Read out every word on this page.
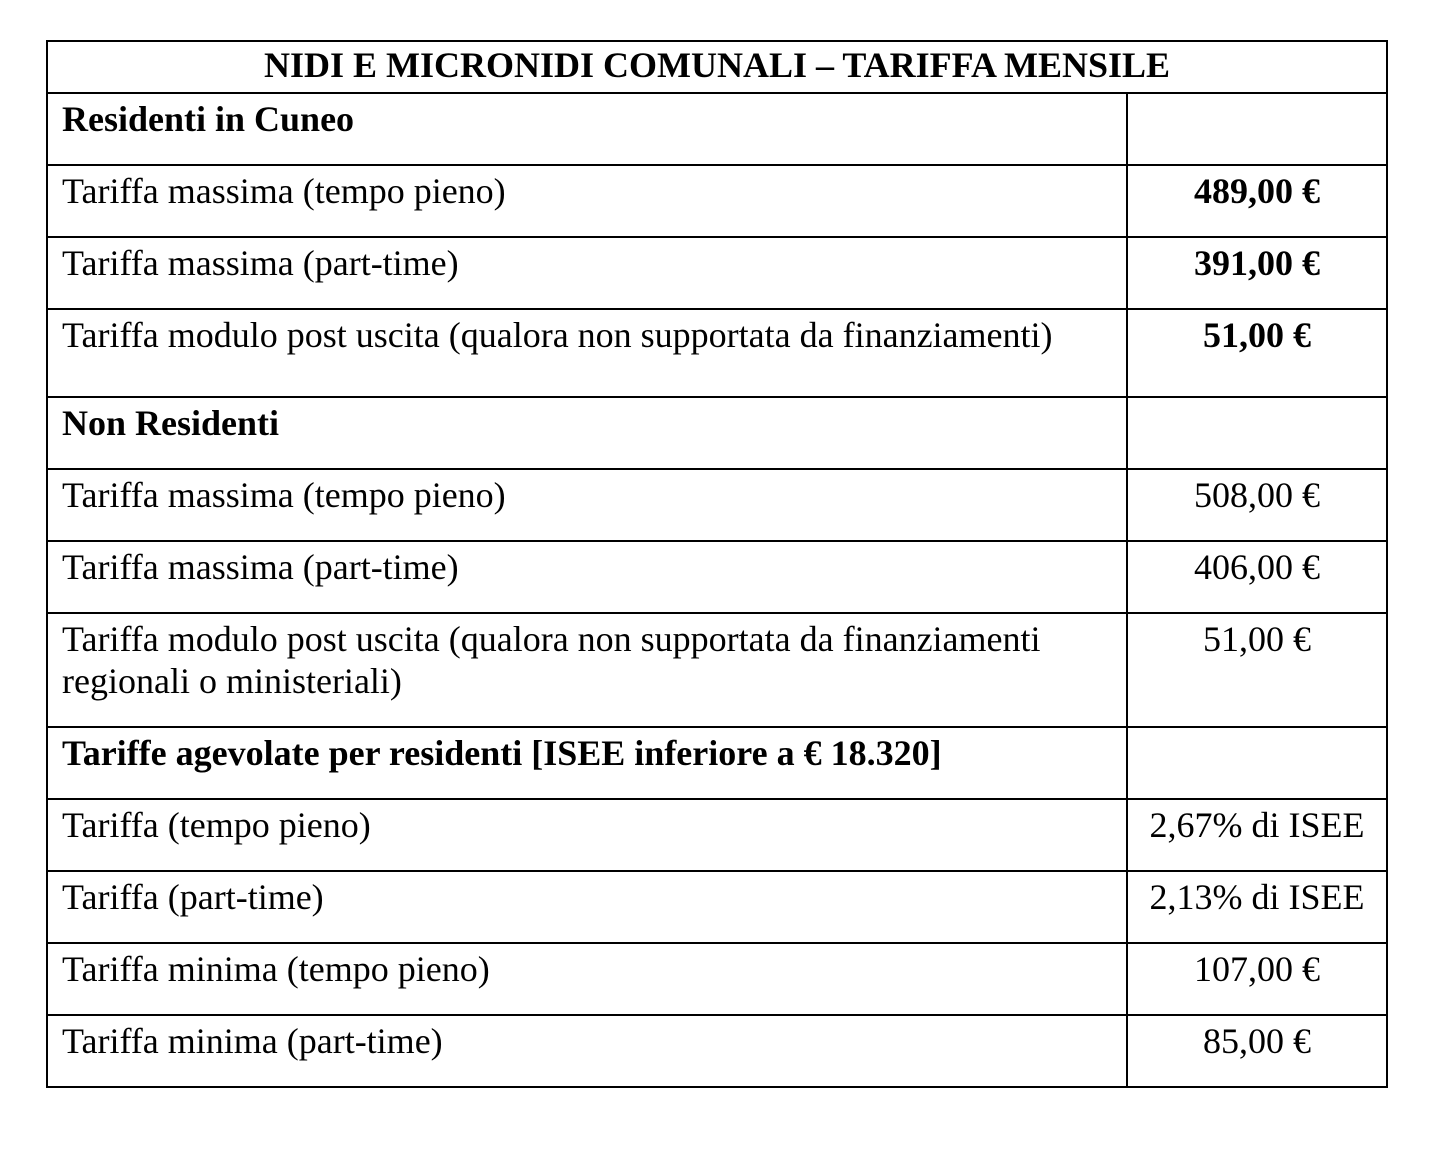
NIDI E MICRONIDI COMUNALI – TARIFFA MENSILE	
Residenti in Cuneo	
Tariffa massima (tempo pieno)	489,00 €
Tariffa massima (part-time)	391,00 €
Tariffa modulo post uscita (qualora non supportata da finanziamenti)	51,00 €
Non Residenti	
Tariffa massima (tempo pieno)	508,00 €
Tariffa massima (part-time)	406,00 €
Tariffa modulo post uscita (qualora non supportata da finanziamenti regionali o ministeriali)	51,00 €
Tariffe agevolate per residenti [ISEE inferiore a € 18.320]	
Tariffa (tempo pieno)	2,67% di ISEE
Tariffa (part-time)	2,13% di ISEE
Tariffa minima (tempo pieno)	107,00 €
Tariffa minima (part-time)	85,00 €
